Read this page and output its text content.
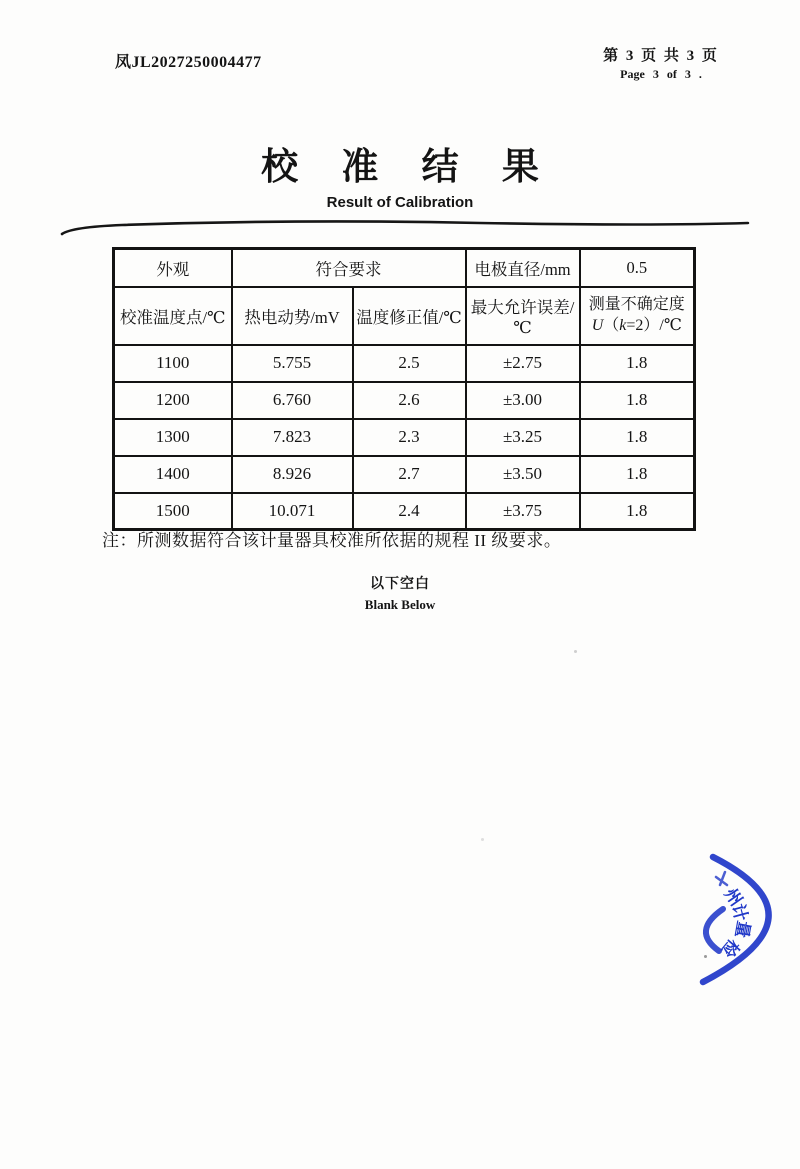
凤JL2027250004477	第 3 页 共 3 页
Page 3 of 3 .
校 准 结 果
Result of Calibration
外观	符合要求		电极直径/mm	0.5
校准温度点/℃	热电动势/mV	温度修正值/℃	最大允许误差/℃	测量不确定度
U（k=2）/℃
1100	5.755	2.5	±2.75	1.8
1200	6.760	2.6	±3.00	1.8
1300	7.823	2.3	±3.25	1.8
1400	8.926	2.7	±3.50	1.8
1500	10.071	2.4	±3.75	1.8
注：所测数据符合该计量器具校准所依据的规程 II 级要求。
以下空白
Blank Below
州
计
量
检
